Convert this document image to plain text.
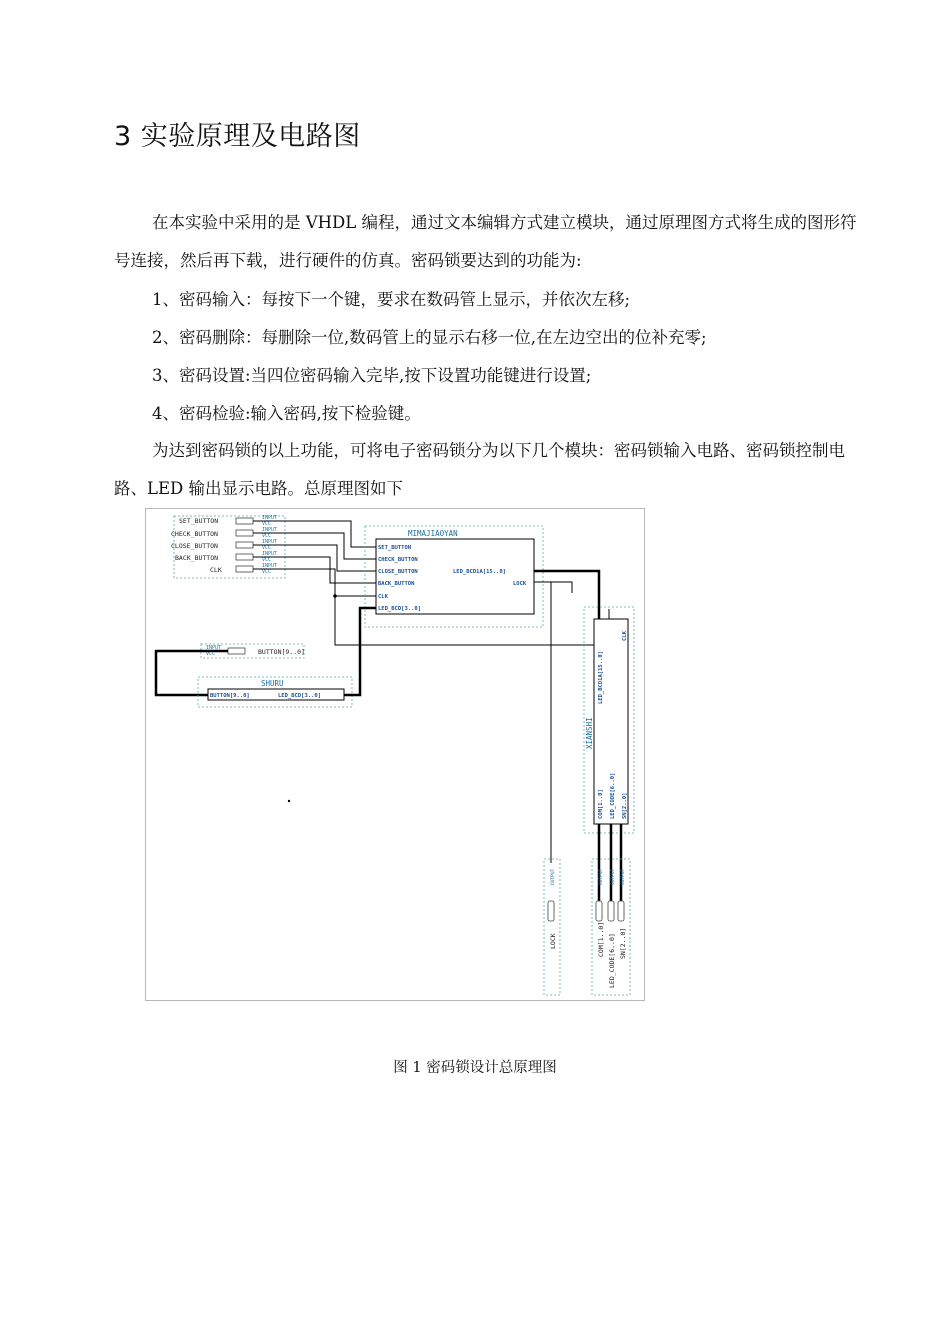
3 实验原理及电路图
在本实验中采用的是 VHDL 编程，通过文本编辑方式建立模块，通过原理图方式将生成的图形符号连接，然后再下载，进行硬件的仿真。密码锁要达到的功能为:
1、密码输入：每按下一个键，要求在数码管上显示，并依次左移;
2、密码删除：每删除一位,数码管上的显示右移一位,在左边空出的位补充零;
3、密码设置:当四位密码输入完毕,按下设置功能键进行设置;
4、密码检验:输入密码,按下检验键。
为达到密码锁的以上功能，可将电子密码锁分为以下几个模块：密码锁输入电路、密码锁控制电路、LED 输出显示电路。总原理图如下
SET_BUTTON
CHECK_BUTTON
CLOSE_BUTTON
BACK_BUTTON
CLK
INPUT
VCC
INPUT
VCC
INPUT
VCC
INPUT
VCC
INPUT
VCC
MIMAJIAOYAN
SET_BUTTON
CHECK_BUTTON
CLOSE_BUTTON
BACK_BUTTON
CLK
LED_BCD[3..0]
LED_BCD1A[15..0]
LOCK
INPUT
VCC	BUTTON[9..0]
SHURU
BUTTON[9..0]	LED_BCD[3..0]
XIANSHI
LED_BCD1A[15..0]
CLK
COM[1..0] LED_CODE[6..0] SN[2..0]
OUTPUT	OUTPUT OUTPUT OUTPUT
LOCK	COM[1..0] LED_CODE[6..0] SN[2..0]
图 1 密码锁设计总原理图
